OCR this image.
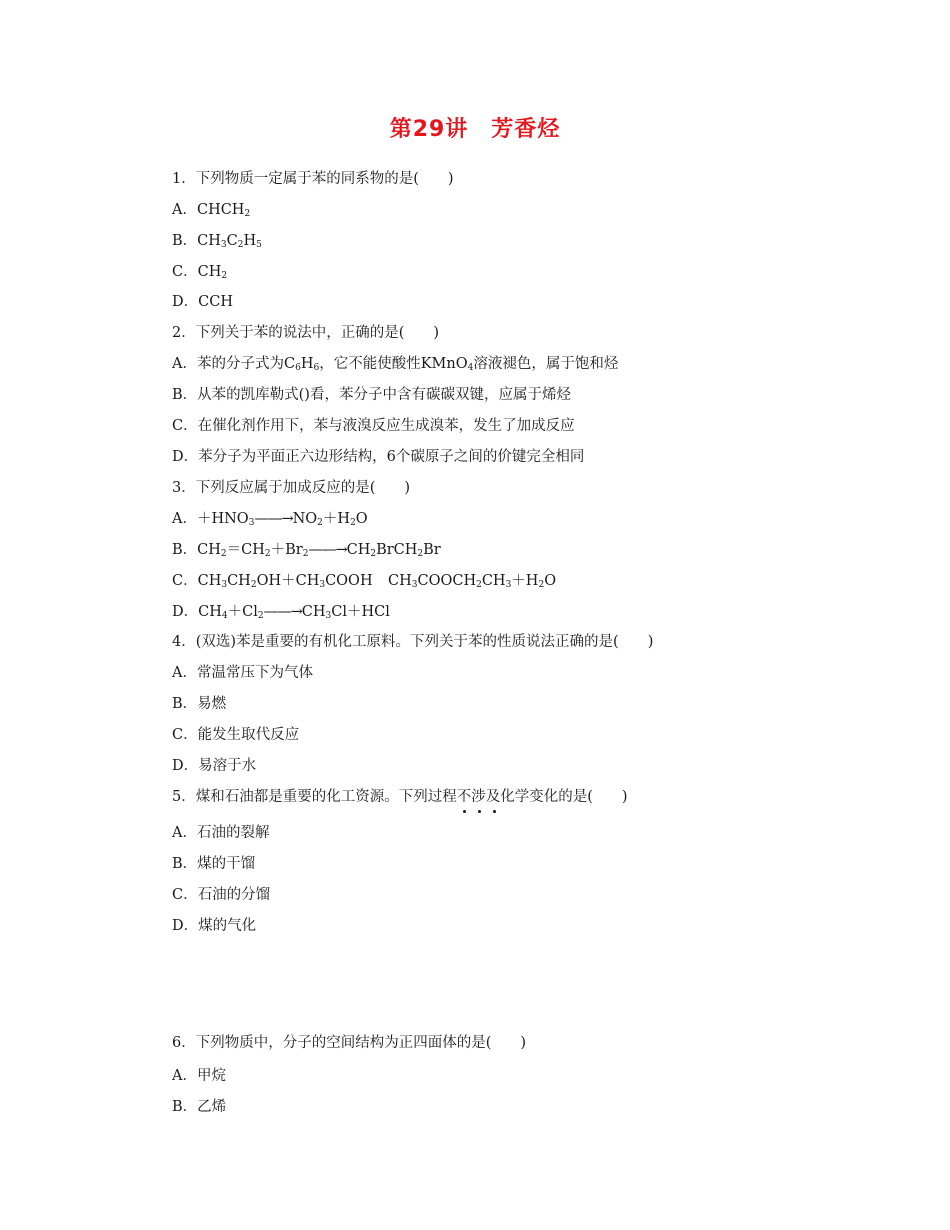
第29讲　芳香烃
1．下列物质一定属于苯的同系物的是(　　)
A．$CHCH_2$
B．$CH_3C_2H_5$
C．$CH_2$
D．CCH
2．下列关于苯的说法中，正确的是(　　)
A．苯的分子式为$C_6H_6$，它不能使酸性KMnO$_4$溶液褪色，属于饱和烃
B．从苯的凯库勒式()看，苯分子中含有碳碳双键，应属于烯烃
C．在催化剂作用下，苯与液溴反应生成溴苯，发生了加成反应
D．苯分子为平面正六边形结构，6个碳原子之间的价键完全相同
3．下列反应属于加成反应的是(　　)
A．$+HNO_3——\to NO_2+H_2O$
B．$CH_2=CH_2+Br_2——\to CH_2BrCH_2Br$
C．$CH_3CH_2OH+CH_3COOH$ $CH_3COOCH_2CH_3+H_2O$
D．$CH_4+Cl_2——\to CH_3Cl+HCl$
4．(双选)苯是重要的有机化工原料。下列关于苯的性质说法正确的是(　　)
A．常温常压下为气体
B．易燃
C．能发生取代反应
D．易溶于水
5．煤和石油都是重要的化工资源。下列过程不涉及
化学变化的是(　　)
A．石油的裂解
B．煤的干馏
C．石油的分馏
D．煤的气化
6．下列物质中，分子的空间结构为正四面体的是(　　)
A．甲烷
B．乙烯
